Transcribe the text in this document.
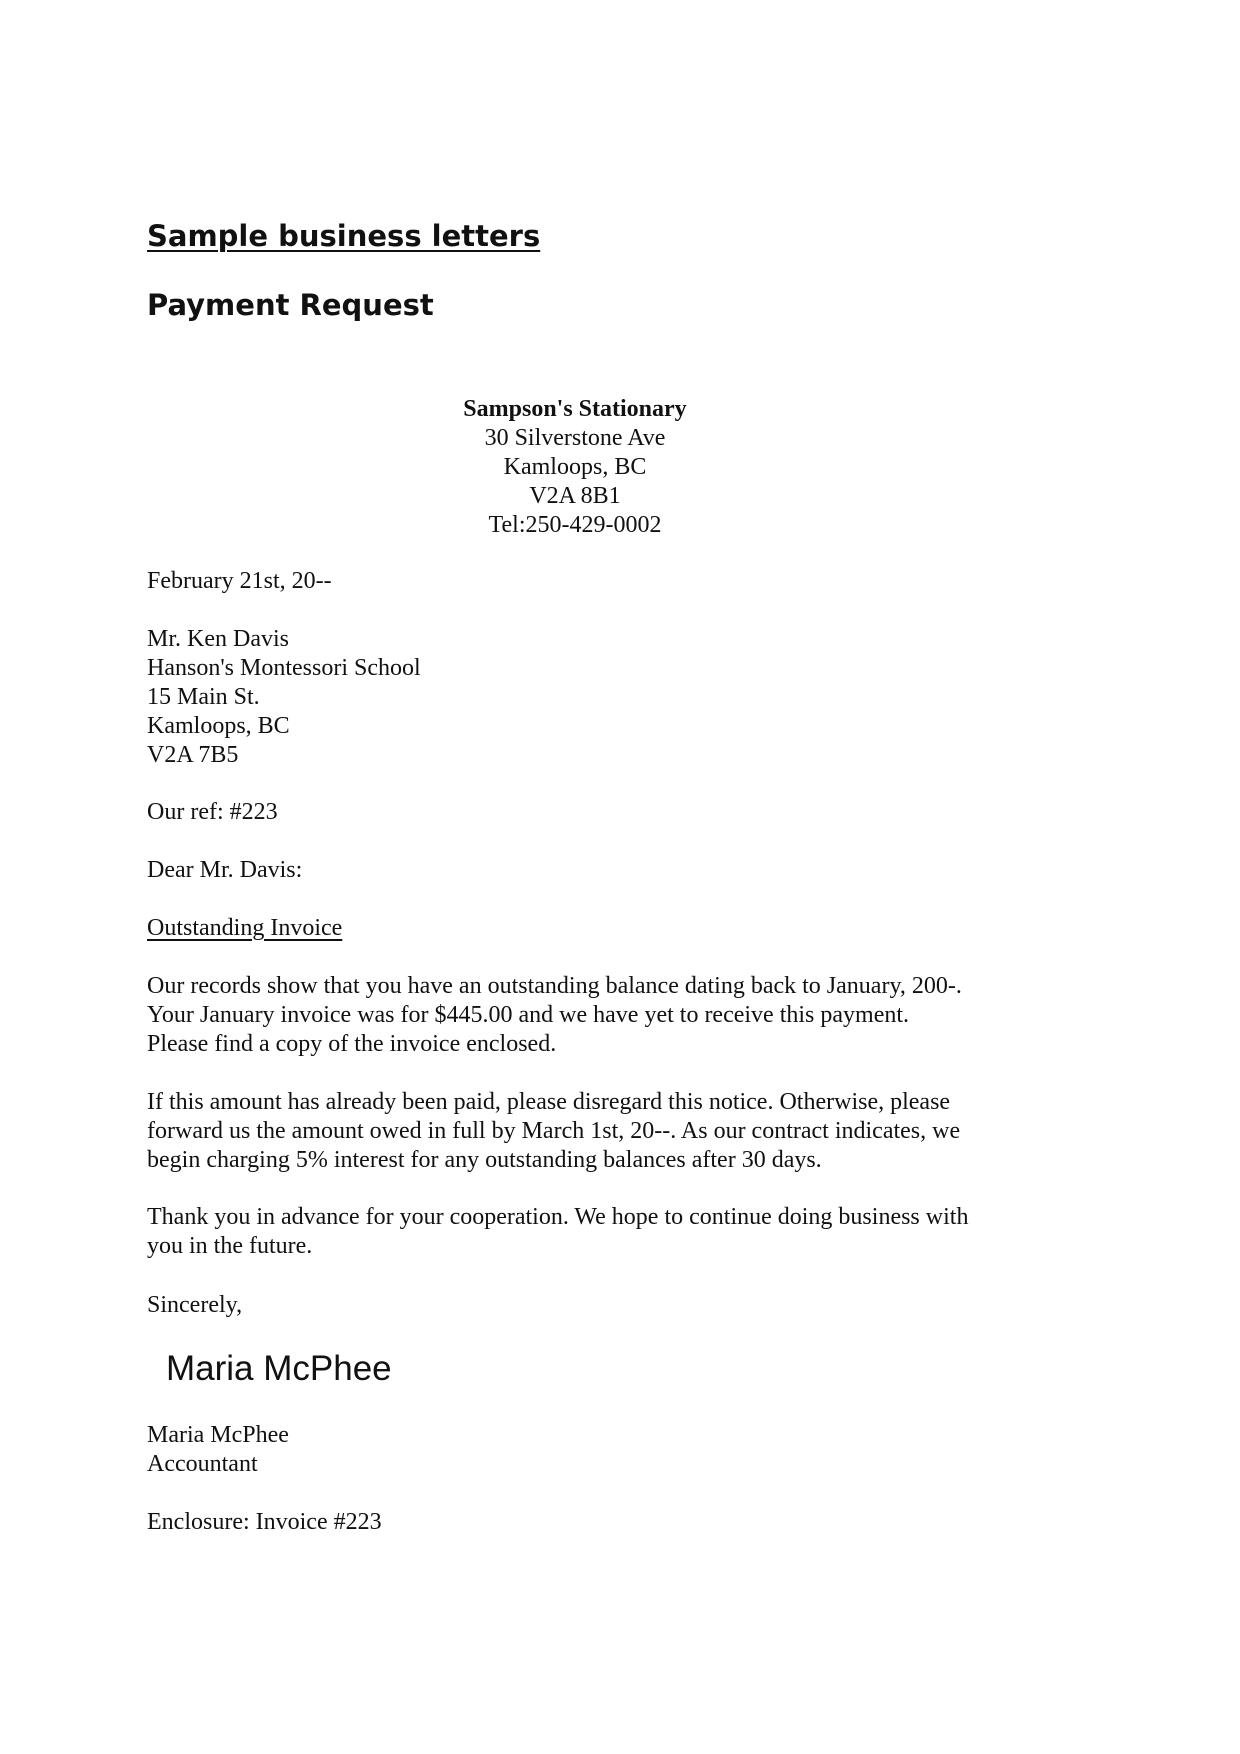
Sample business letters
Payment Request
Sampson's Stationary
30 Silverstone Ave
Kamloops, BC
V2A 8B1
Tel:250-429-0002
February 21st, 20--
Mr. Ken Davis
Hanson's Montessori School
15 Main St.
Kamloops, BC
V2A 7B5
Our ref: #223
Dear Mr. Davis:
Outstanding Invoice
Our records show that you have an outstanding balance dating back to January, 200-.
Your January invoice was for $445.00 and we have yet to receive this payment.
Please find a copy of the invoice enclosed.
If this amount has already been paid, please disregard this notice. Otherwise, please
forward us the amount owed in full by March 1st, 20--. As our contract indicates, we
begin charging 5% interest for any outstanding balances after 30 days.
Thank you in advance for your cooperation. We hope to continue doing business with
you in the future.
Sincerely,
Maria McPhee
Maria McPhee
Accountant
Enclosure: Invoice #223
